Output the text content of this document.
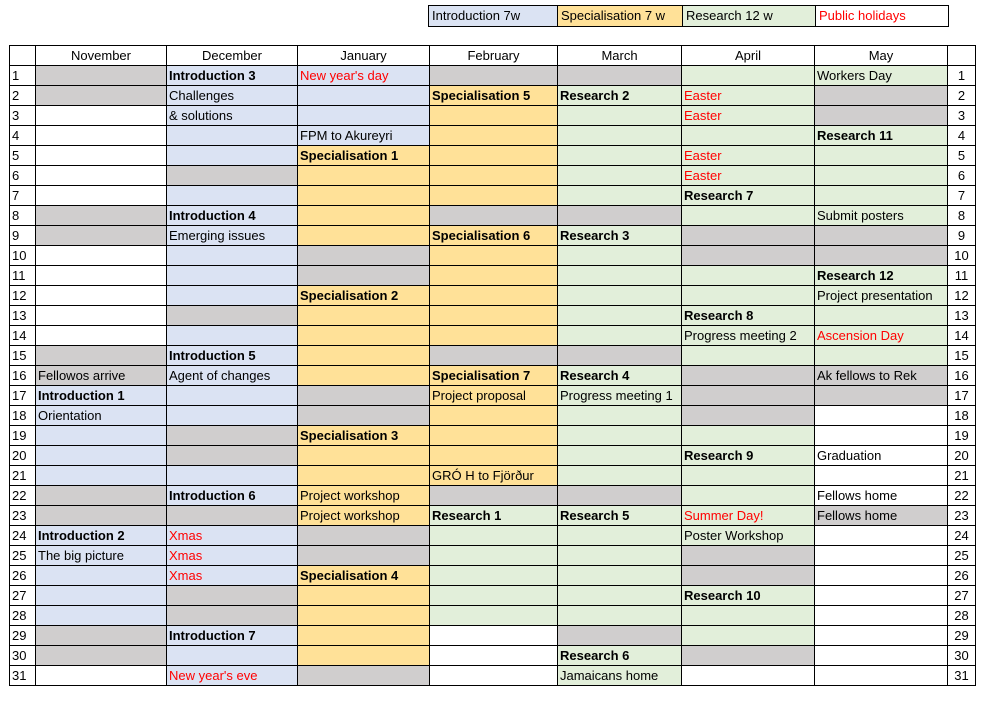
Introduction 7w	Specialisation 7 w	Research 12 w	Public holidays
	November	December	January	February	March	April	May	
1		Introduction 3	New year's day				Workers Day	1
2		Challenges		Specialisation 5	Research 2	Easter		2
3		& solutions				Easter		3
4			FPM to Akureyri				Research 11	4
5			Specialisation 1			Easter		5
6						Easter		6
7						Research 7		7
8		Introduction 4					Submit posters	8
9		Emerging issues		Specialisation 6	Research 3			9
10								10
11							Research 12	11
12			Specialisation 2				Project presentation	12
13						Research 8		13
14						Progress meeting 2	Ascension Day	14
15		Introduction 5						15
16	Fellowos arrive	Agent of changes		Specialisation 7	Research 4		Ak fellows to Rek	16
17	Introduction 1			Project proposal	Progress meeting 1			17
18	Orientation							18
19			Specialisation 3					19
20						Research 9	Graduation	20
21				GRÓ H to Fjörður				21
22		Introduction 6	Project workshop				Fellows home	22
23			Project workshop	Research 1	Research 5	Summer Day!	Fellows home	23
24	Introduction 2	Xmas				Poster Workshop		24
25	The big picture	Xmas						25
26		Xmas	Specialisation 4					26
27						Research 10		27
28								28
29		Introduction 7						29
30					Research 6			30
31		New year's eve			Jamaicans home			31
